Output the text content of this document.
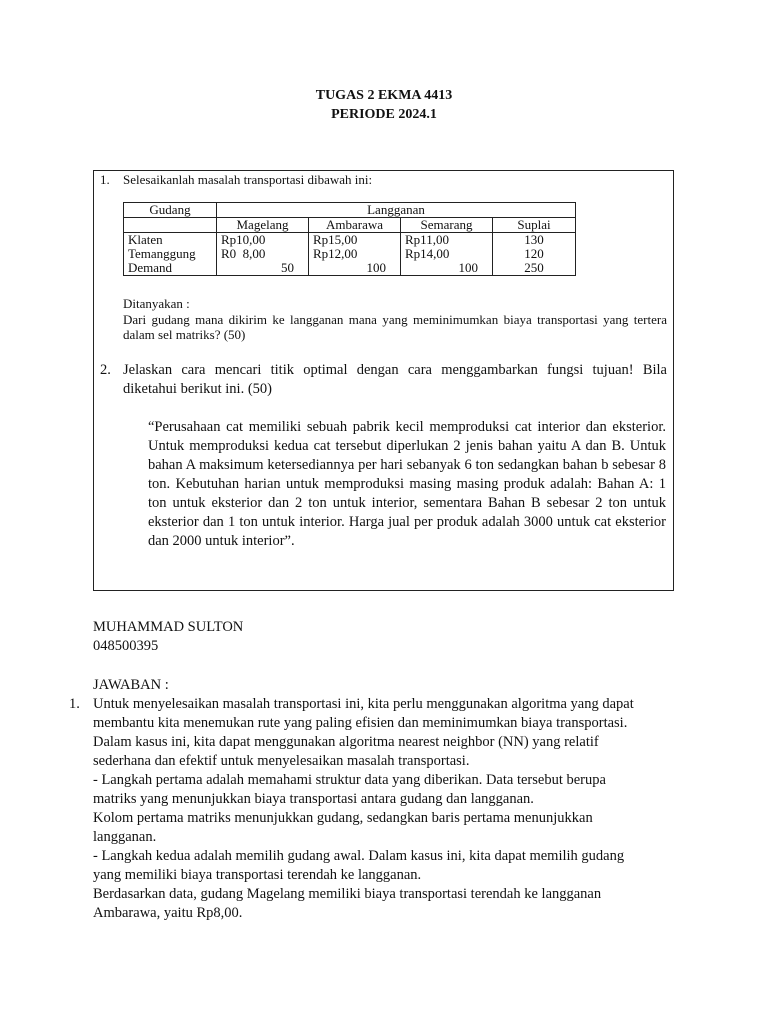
TUGAS 2 EKMA 4413
PERIODE 2024.1
1. Selesaikanlah masalah transportasi dibawah ini:
Gudang	Langganan			
	Magelang	Ambarawa	Semarang	Suplai
Klaten	Rp10,00	Rp15,00	Rp11,00	130
Temanggung	R0  8,00	Rp12,00	Rp14,00	120
Demand	50	100	100	250
Ditanyakan :
Dari gudang mana dikirim ke langganan mana yang meminimumkan biaya transportasi yang tertera dalam sel matriks? (50)
2. Jelaskan cara mencari titik optimal dengan cara menggambarkan fungsi tujuan! Bila diketahui berikut ini. (50)
“Perusahaan cat memiliki sebuah pabrik kecil memproduksi cat interior dan eksterior. Untuk memproduksi kedua cat tersebut diperlukan 2 jenis bahan yaitu A dan B. Untuk bahan A maksimum ketersediannya per hari sebanyak 6 ton sedangkan bahan b sebesar 8 ton. Kebutuhan harian untuk memproduksi masing masing produk adalah: Bahan A: 1 ton untuk eksterior dan 2 ton untuk interior, sementara Bahan B sebesar 2 ton untuk eksterior dan 1 ton untuk interior. Harga jual per produk adalah 3000 untuk cat eksterior dan 2000 untuk interior”.
MUHAMMAD SULTON
048500395
JAWABAN :
1. Untuk menyelesaikan masalah transportasi ini, kita perlu menggunakan algoritma yang dapat
membantu kita menemukan rute yang paling efisien dan meminimumkan biaya transportasi.
Dalam kasus ini, kita dapat menggunakan algoritma nearest neighbor (NN) yang relatif
sederhana dan efektif untuk menyelesaikan masalah transportasi.
- Langkah pertama adalah memahami struktur data yang diberikan. Data tersebut berupa
matriks yang menunjukkan biaya transportasi antara gudang dan langganan.
Kolom pertama matriks menunjukkan gudang, sedangkan baris pertama menunjukkan
langganan.
- Langkah kedua adalah memilih gudang awal. Dalam kasus ini, kita dapat memilih gudang
yang memiliki biaya transportasi terendah ke langganan.
Berdasarkan data, gudang Magelang memiliki biaya transportasi terendah ke langganan
Ambarawa, yaitu Rp8,00.
